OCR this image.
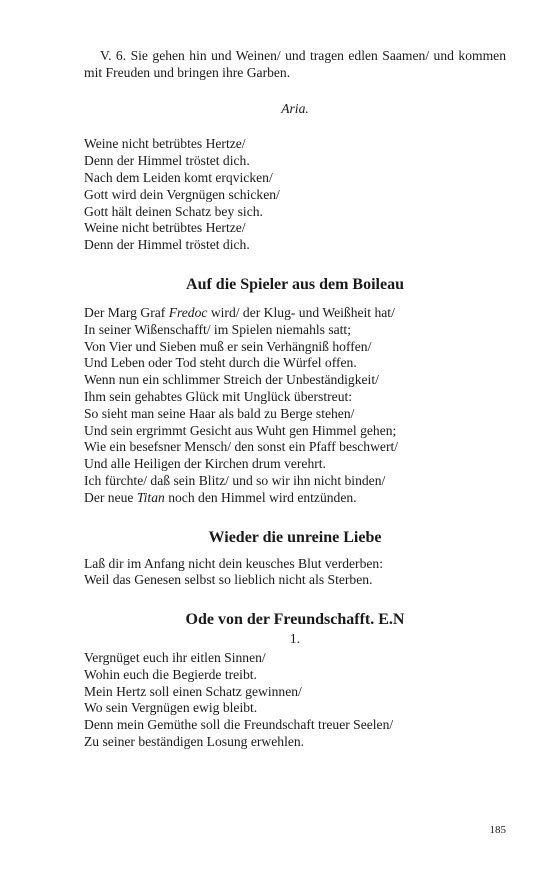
V. 6. Sie gehen hin und Weinen/ und tragen edlen Saamen/ und kommen mit Freuden und bringen ihre Garben.

Aria.
Weine nicht betrübtes Hertze/
Denn der Himmel tröstet dich.
Nach dem Leiden komt erqvicken/
Gott wird dein Vergnügen schicken/
Gott hält deinen Schatz bey sich.
Weine nicht betrübtes Hertze/
Denn der Himmel tröstet dich.
Auf die Spieler aus dem Boileau
Der Marg Graf Fredoc wird/ der Klug- und Weißheit hat/
In seiner Wißenschafft/ im Spielen niemahls satt;
Von Vier und Sieben muß er sein Verhängniß hoffen/
Und Leben oder Tod steht durch die Würfel offen.
Wenn nun ein schlimmer Streich der Unbeständigkeit/
Ihm sein gehabtes Glück mit Unglück überstreut:
So sieht man seine Haar als bald zu Berge stehen/
Und sein ergrimmt Gesicht aus Wuht gen Himmel gehen;
Wie ein besefsner Mensch/ den sonst ein Pfaff beschwert/
Und alle Heiligen der Kirchen drum verehrt.
Ich fürchte/ daß sein Blitz/ und so wir ihn nicht binden/
Der neue Titan noch den Himmel wird entzünden.
Wieder die unreine Liebe
Laß dir im Anfang nicht dein keusches Blut verderben:
Weil das Genesen selbst so lieblich nicht als Sterben.
Ode von der Freundschafft. E.N
1.
Vergnüget euch ihr eitlen Sinnen/
Wohin euch die Begierde treibt.
Mein Hertz soll einen Schatz gewinnen/
Wo sein Vergnügen ewig bleibt.
Denn mein Gemüthe soll die Freundschaft treuer Seelen/
Zu seiner beständigen Losung erwehlen.
185
